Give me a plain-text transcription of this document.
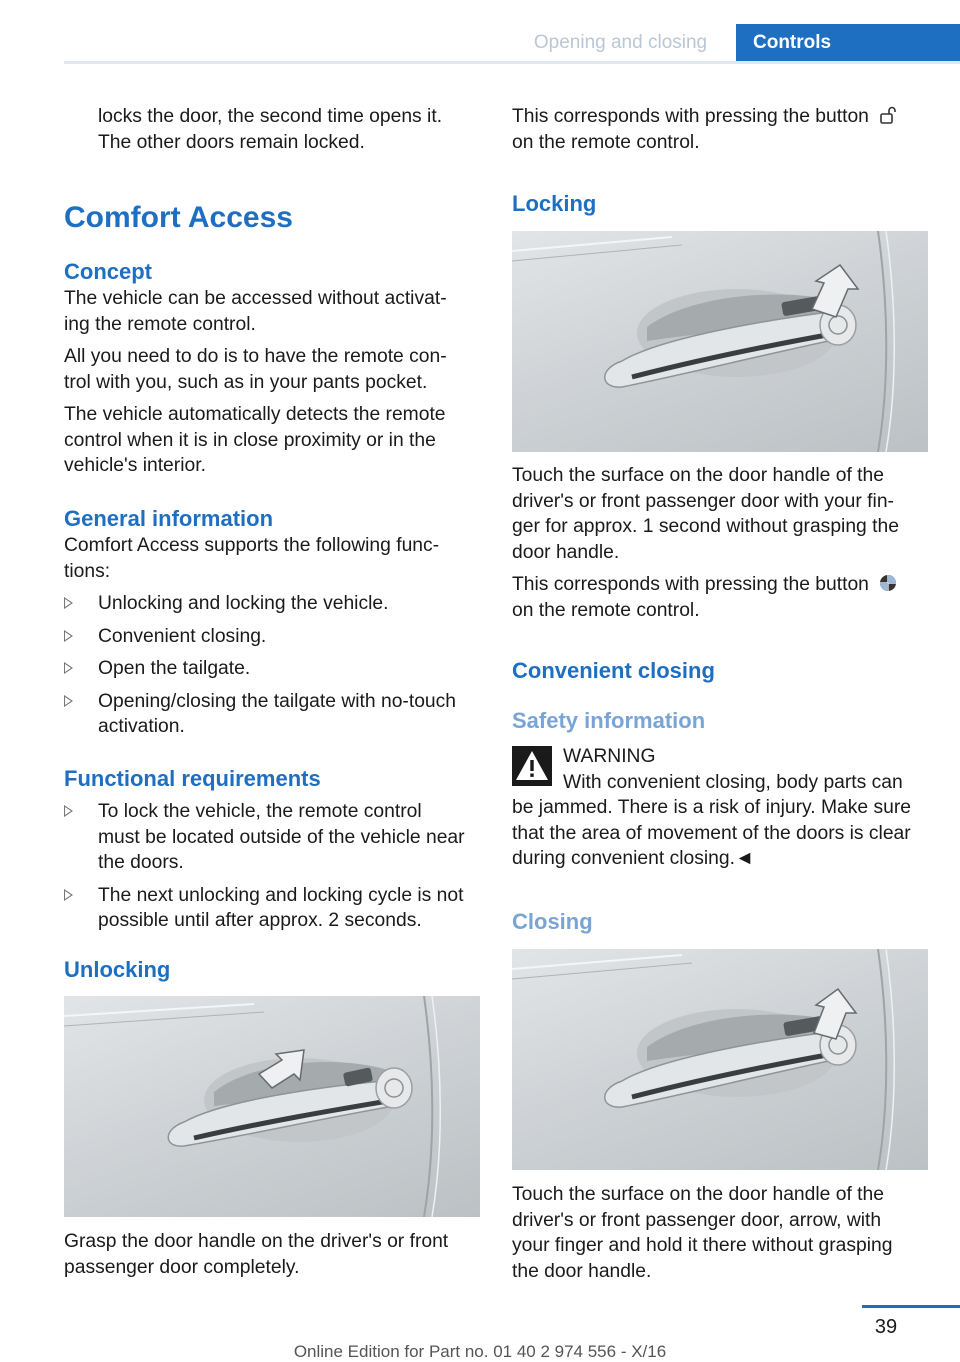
Opening and closing	Controls

locks the door, the second time opens it.

The other doors remain locked.

Comfort Access
Concept

The vehicle can be accessed without activat-

ing the remote control.

All you need to do is to have the remote con-

trol with you, such as in your pants pocket.

The vehicle automatically detects the remote

control when it is in close proximity or in the

vehicle's interior.

General information

Comfort Access supports the following func-

tions:

Unlocking and locking the vehicle.

Convenient closing.

Open the tailgate.

Opening/closing the tailgate with no-touch

activation.

Functional requirements

To lock the vehicle, the remote control

must be located outside of the vehicle near

the doors.

The next unlocking and locking cycle is not

possible until after approx. 2 seconds.

Unlocking

Grasp the door handle on the driver's or front

passenger door completely.

This corresponds with pressing the button

on the remote control.

Locking

Touch the surface on the door handle of the

driver's or front passenger door with your fin-

ger for approx. 1 second without grasping the

door handle.

This corresponds with pressing the button

on the remote control.

Convenient closing
Safety information

WARNING

With convenient closing, body parts can

be jammed. There is a risk of injury. Make sure

that the area of movement of the doors is clear

during convenient closing.◄

Closing

Touch the surface on the door handle of the

driver's or front passenger door, arrow, with

your finger and hold it there without grasping

the door handle.

39
Online Edition for Part no. 01 40 2 974 556 - X/16
